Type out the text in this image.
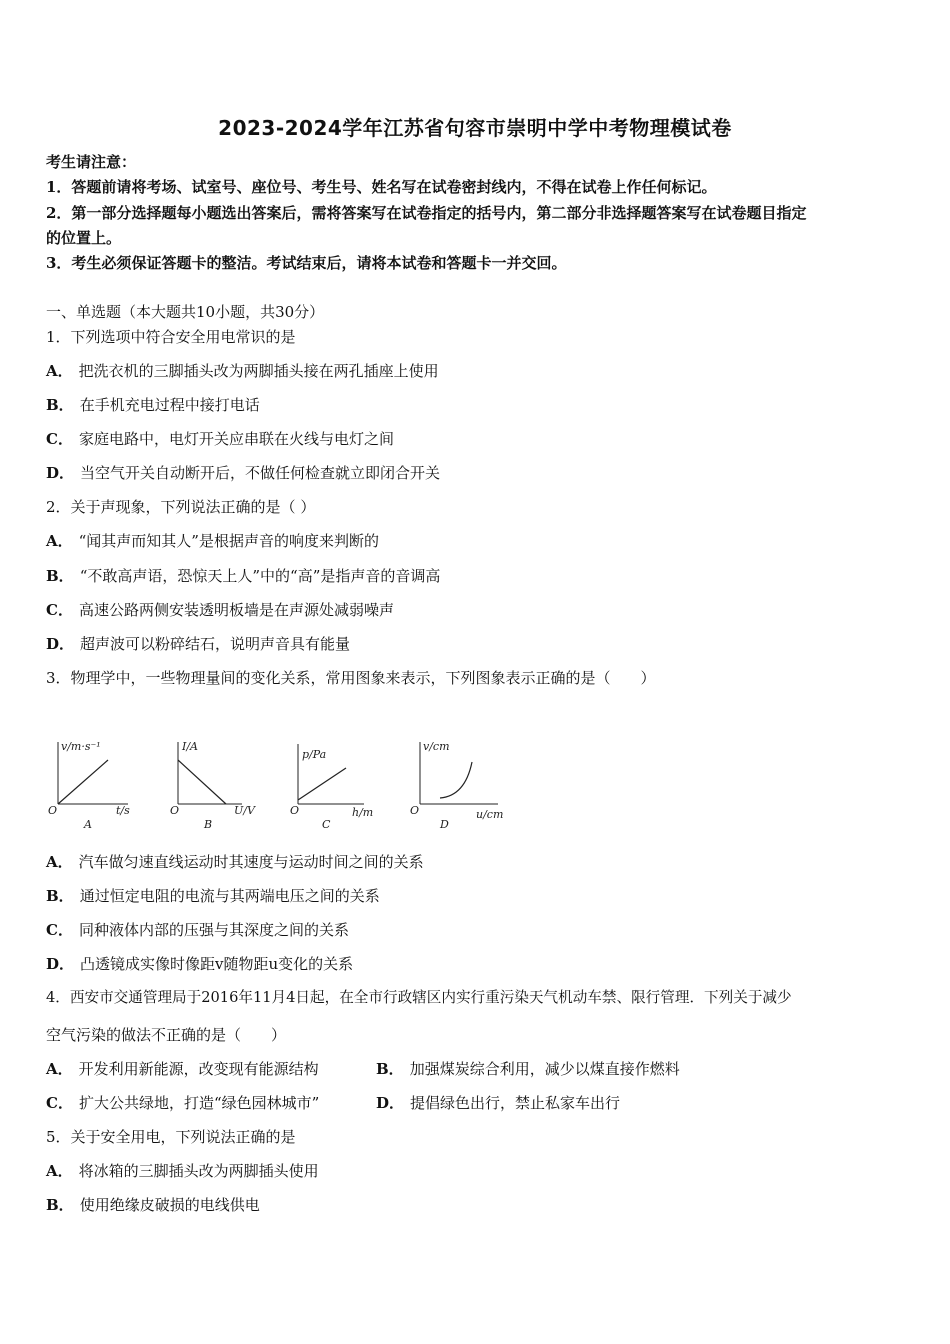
2023-2024学年江苏省句容市崇明中学中考物理模试卷
考生请注意：
1．答题前请将考场、试室号、座位号、考生号、姓名写在试卷密封线内，不得在试卷上作任何标记。
2．第一部分选择题每小题选出答案后，需将答案写在试卷指定的括号内，第二部分非选择题答案写在试卷题目指定
的位置上。
3．考生必须保证答题卡的整洁。考试结束后，请将本试卷和答题卡一并交回。
一、单选题（本大题共10小题，共30分）
1．下列选项中符合安全用电常识的是
A． 把洗衣机的三脚插头改为两脚插头接在两孔插座上使用
B． 在手机充电过程中接打电话
C． 家庭电路中，电灯开关应串联在火线与电灯之间
D． 当空气开关自动断开后，不做任何检查就立即闭合开关
2．关于声现象，下列说法正确的是（ ）
A． “闻其声而知其人”是根据声音的响度来判断的
B． “不敢高声语，恐惊天上人”中的“高”是指声音的音调高
C． 高速公路两侧安装透明板墙是在声源处减弱噪声
D． 超声波可以粉碎结石，说明声音具有能量
3．物理学中，一些物理量间的变化关系，常用图象来表示，下列图象表示正确的是（　　）
v/m·s⁻¹
O	t/s
A
I/A
O	U/V
B
p/Pa
O	h/m
C
v/cm
O	u/cm
D
A． 汽车做匀速直线运动时其速度与运动时间之间的关系
B． 通过恒定电阻的电流与其两端电压之间的关系
C． 同种液体内部的压强与其深度之间的关系
D． 凸透镜成实像时像距v随物距u变化的关系
4．西安市交通管理局于2016年11月4日起，在全市行政辖区内实行重污染天气机动车禁、限行管理．下列关于减少
空气污染的做法不正确的是（　　）
A． 开发利用新能源，改变现有能源结构	B． 加强煤炭综合利用，减少以煤直接作燃料
C． 扩大公共绿地，打造“绿色园林城市”	D． 提倡绿色出行，禁止私家车出行
5．关于安全用电，下列说法正确的是
A． 将冰箱的三脚插头改为两脚插头使用
B． 使用绝缘皮破损的电线供电
